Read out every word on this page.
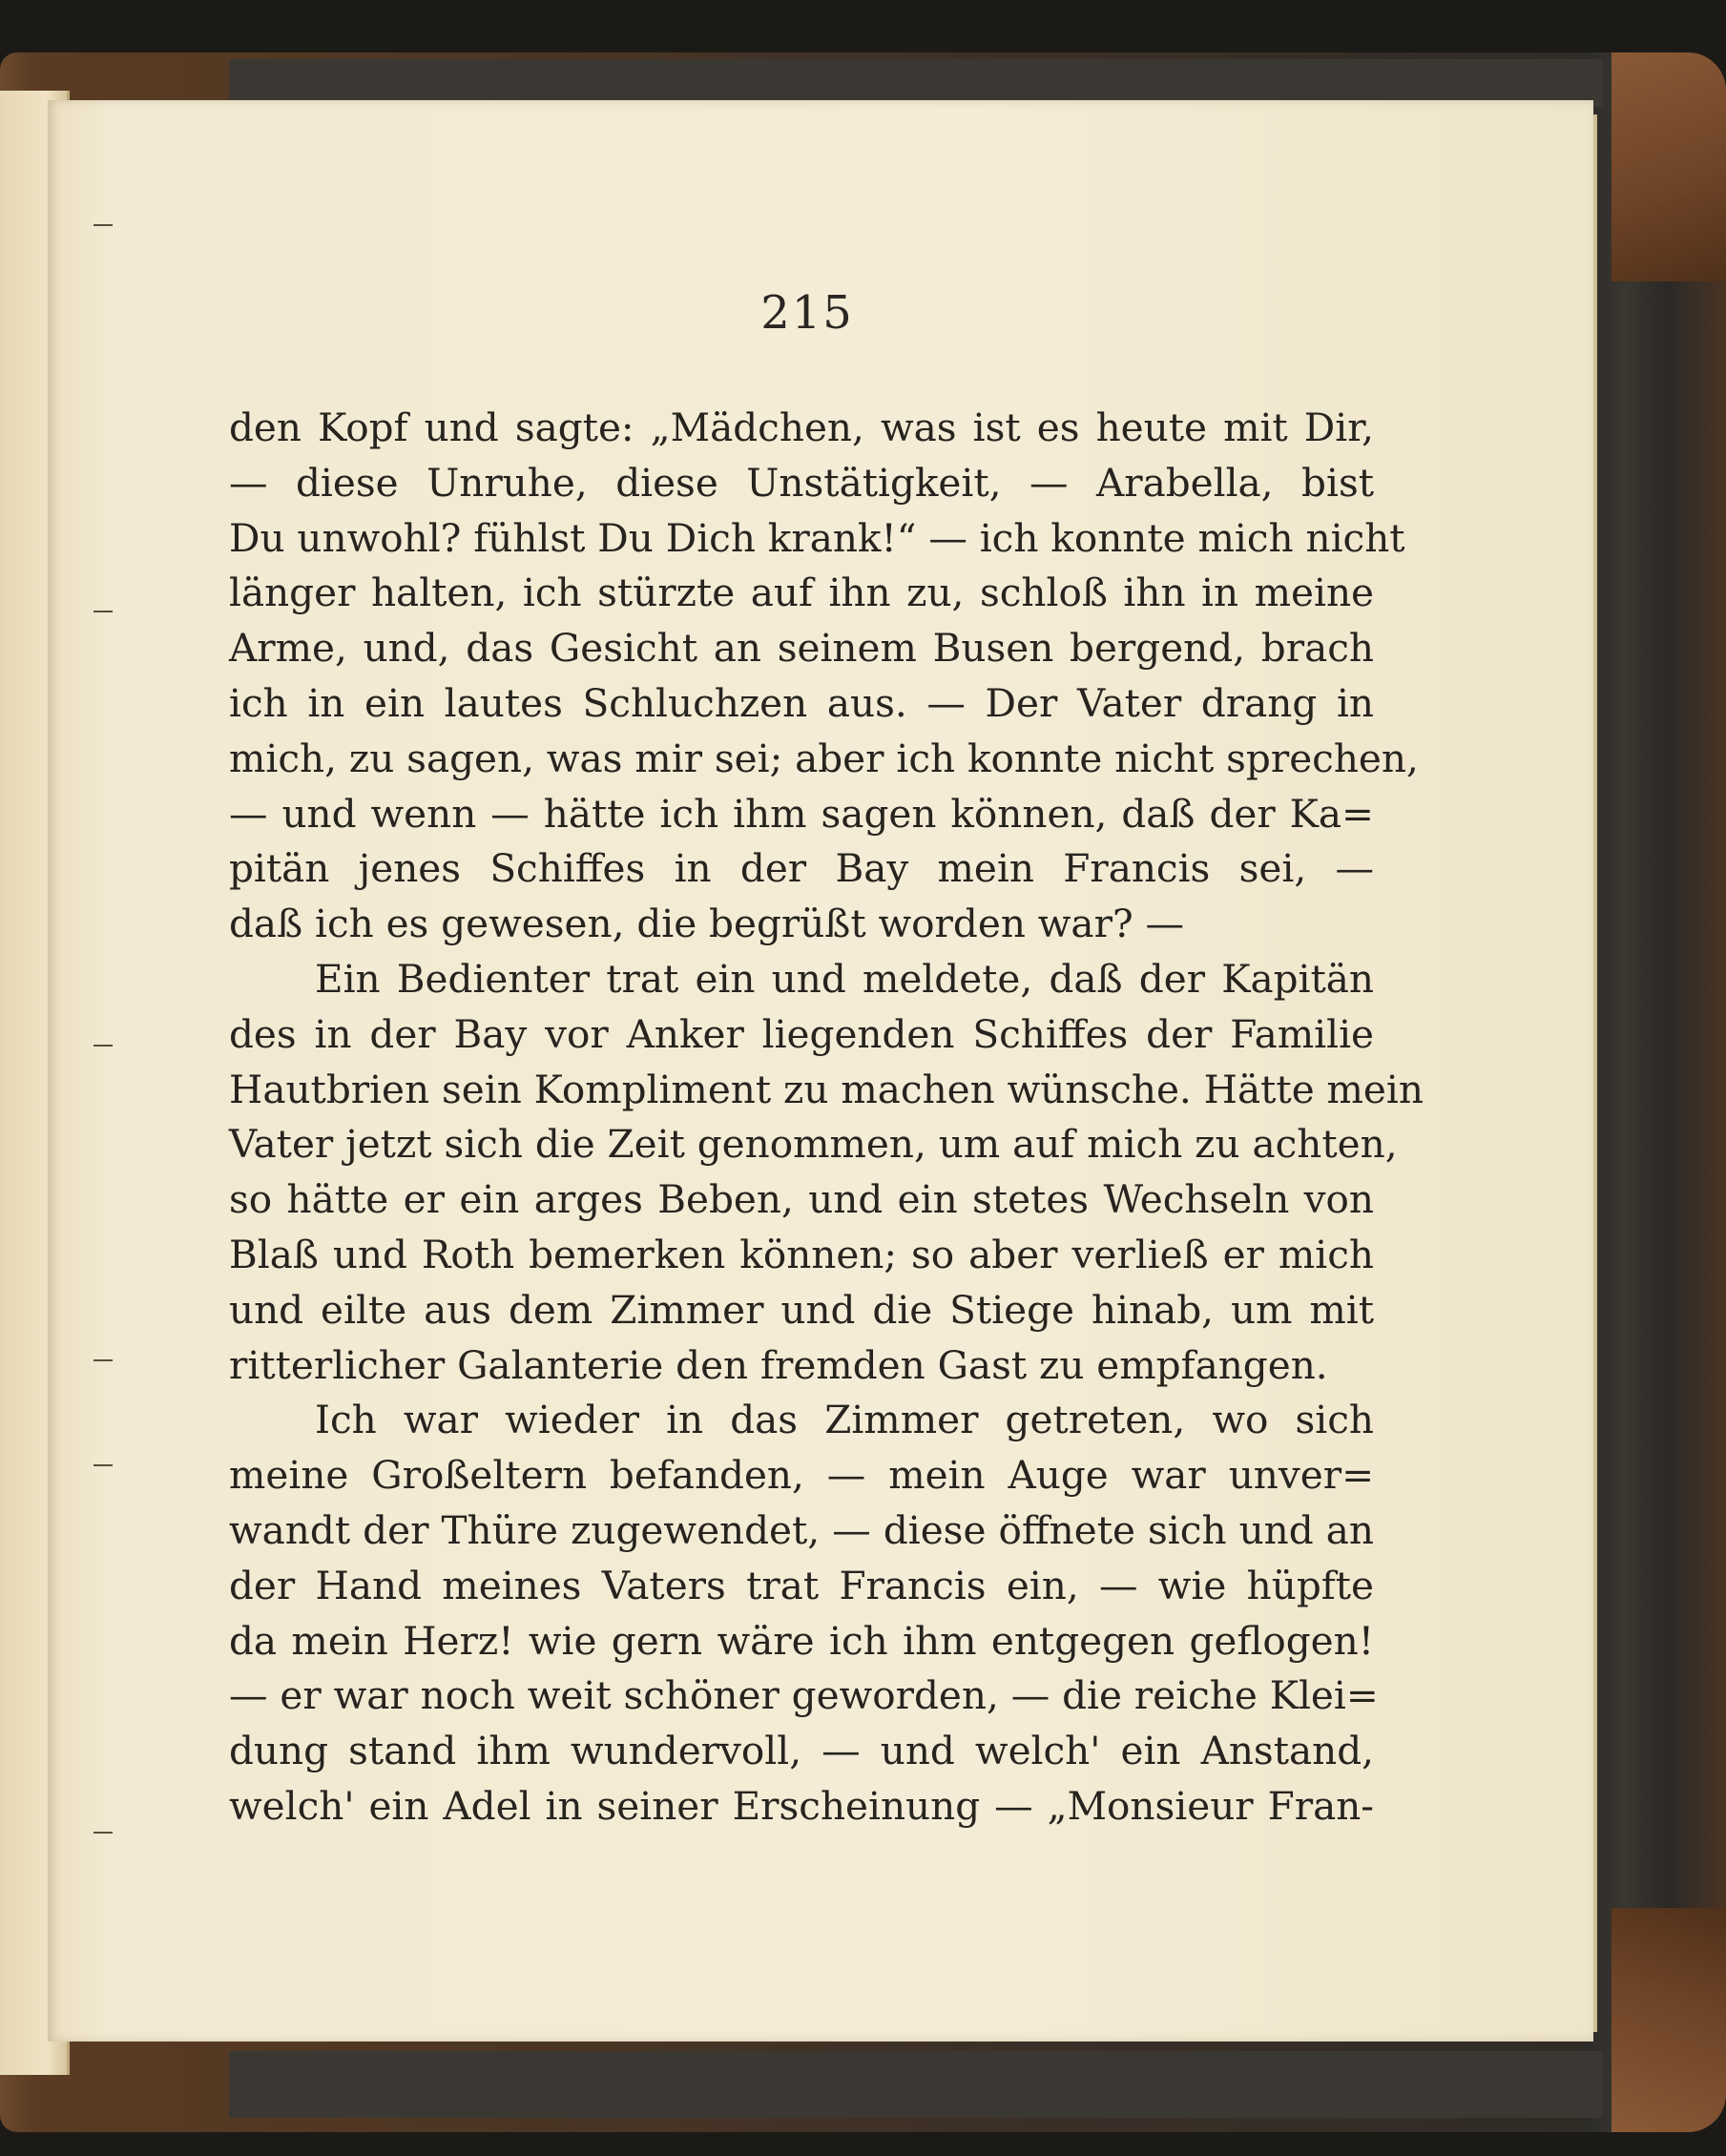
215
den Kopf und sagte: „Mädchen, was ist es heute mit Dir,
— diese Unruhe, diese Unstätigkeit, — Arabella, bist
Du unwohl? fühlst Du Dich krank!“ — ich konnte mich nicht
länger halten, ich stürzte auf ihn zu, schloß ihn in meine
Arme, und, das Gesicht an seinem Busen bergend, brach
ich in ein lautes Schluchzen aus. — Der Vater drang in
mich, zu sagen, was mir sei; aber ich konnte nicht sprechen,
— und wenn — hätte ich ihm sagen können, daß der Ka=
pitän jenes Schiffes in der Bay mein Francis sei, —
daß ich es gewesen, die begrüßt worden war? —
Ein Bedienter trat ein und meldete, daß der Kapitän
des in der Bay vor Anker liegenden Schiffes der Familie
Hautbrien sein Kompliment zu machen wünsche. Hätte mein
Vater jetzt sich die Zeit genommen, um auf mich zu achten,
so hätte er ein arges Beben, und ein stetes Wechseln von
Blaß und Roth bemerken können; so aber verließ er mich
und eilte aus dem Zimmer und die Stiege hinab, um mit
ritterlicher Galanterie den fremden Gast zu empfangen.
Ich war wieder in das Zimmer getreten, wo sich
meine Großeltern befanden, — mein Auge war unver=
wandt der Thüre zugewendet, — diese öffnete sich und an
der Hand meines Vaters trat Francis ein, — wie hüpfte
da mein Herz! wie gern wäre ich ihm entgegen geflogen!
— er war noch weit schöner geworden, — die reiche Klei=
dung stand ihm wundervoll, — und welch' ein Anstand,
welch' ein Adel in seiner Erscheinung — „Monsieur Fran-
